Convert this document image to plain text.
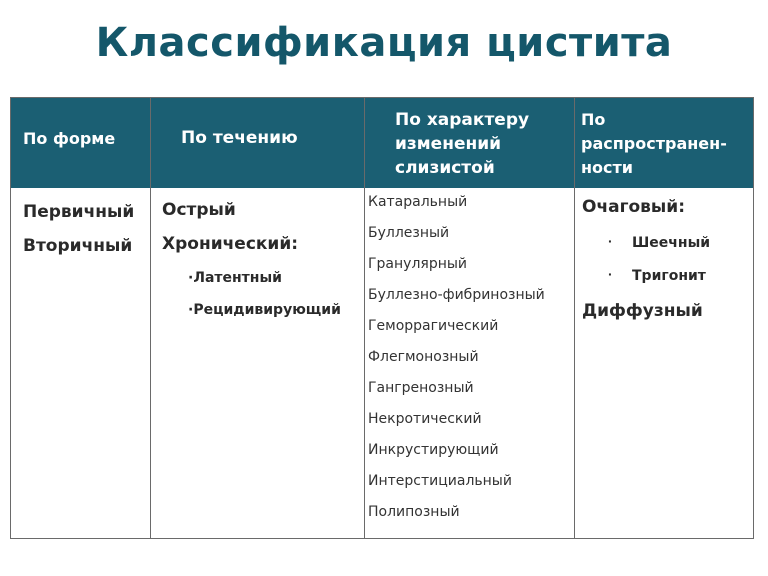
Классификация цистита
По форме	По течению
По характеру
изменений
слизистой
По
распространен-
ности
Первичный
Вторичный
Острый
Хронический:
·Латентный
·Рецидивирующий
Катаральный
Буллезный
Гранулярный
Буллезно-фибринозный
Геморрагический
Флегмонозный
Гангренозный
Некротический
Инкрустирующий
Интерстициальный
Полипозный
Очаговый:
· Шеечный
· Тригонит
Диффузный
